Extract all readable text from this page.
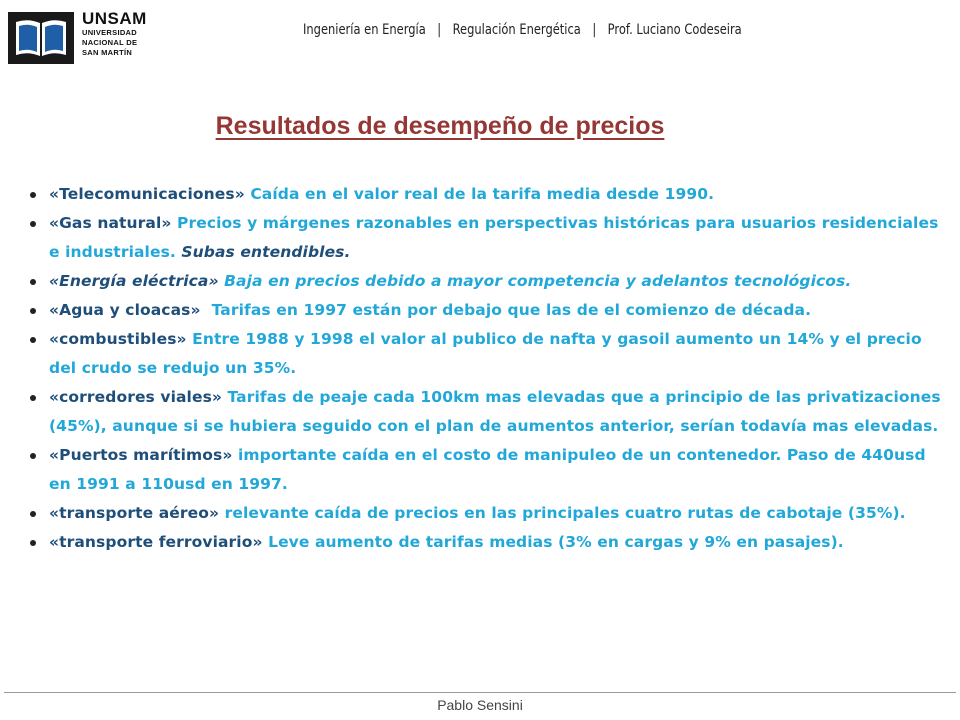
UNSAM
UNIVERSIDAD
NACIONAL DE
SAN MARTÍN
Ingeniería en Energía | Regulación Energética | Prof. Luciano Codeseira
Resultados de desempeño de precios
«Telecomunicaciones» Caída en el valor real de la tarifa media desde 1990.
«Gas natural» Precios y márgenes razonables en perspectivas históricas para usuarios residenciales e industriales. Subas entendibles.
«Energía eléctrica» Baja en precios debido a mayor competencia y adelantos tecnológicos.
«Agua y cloacas»  Tarifas en 1997 están por debajo que las de el comienzo de década.
«combustibles» Entre 1988 y 1998 el valor al publico de nafta y gasoil aumento un 14% y el precio del crudo se redujo un 35%.
«corredores viales» Tarifas de peaje cada 100km mas elevadas que a principio de las privatizaciones (45%), aunque si se hubiera seguido con el plan de aumentos anterior, serían todavía mas elevadas.
«Puertos marítimos» importante caída en el costo de manipuleo de un contenedor. Paso de 440usd en 1991 a 110usd en 1997.
«transporte aéreo» relevante caída de precios en las principales cuatro rutas de cabotaje (35%).
«transporte ferroviario» Leve aumento de tarifas medias (3% en cargas y 9% en pasajes).
Pablo Sensini
